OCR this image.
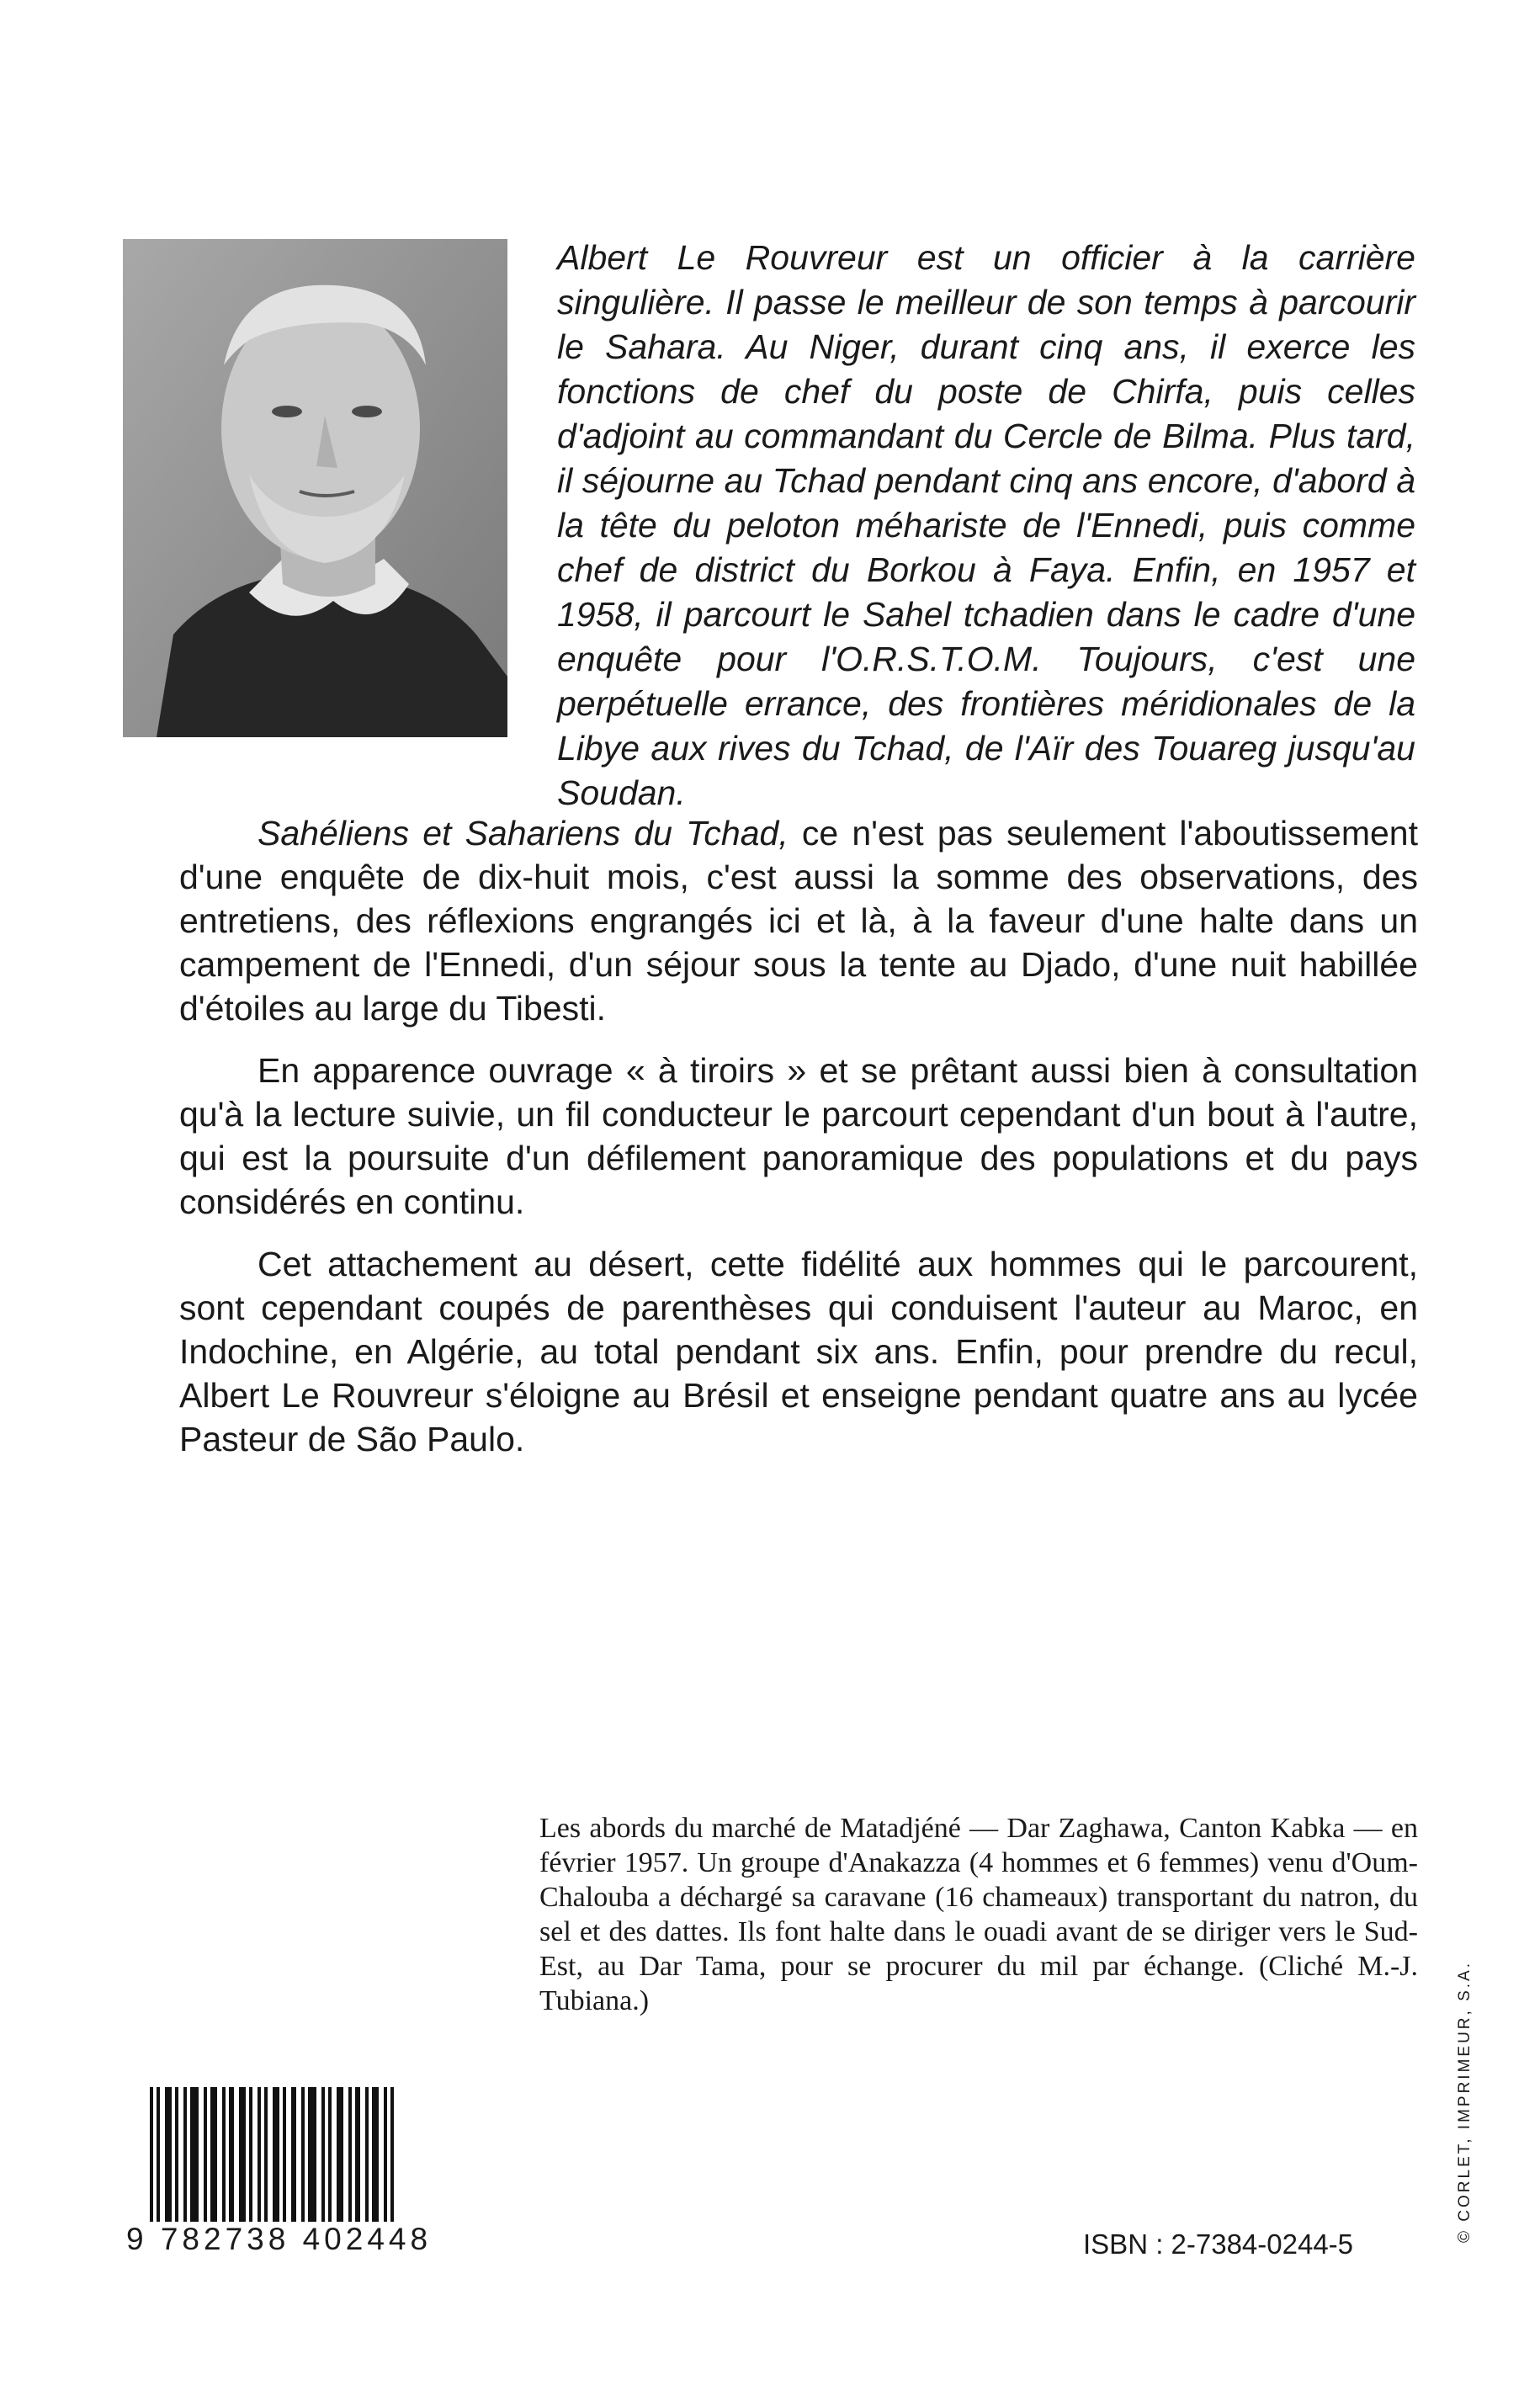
Albert Le Rouvreur est un officier à la carrière singulière. Il passe le meilleur de son temps à parcourir le Sahara. Au Niger, durant cinq ans, il exerce les fonctions de chef du poste de Chirfa, puis celles d'adjoint au commandant du Cercle de Bilma. Plus tard, il séjourne au Tchad pendant cinq ans encore, d'abord à la tête du peloton méhariste de l'Ennedi, puis comme chef de district du Borkou à Faya. Enfin, en 1957 et 1958, il parcourt le Sahel tchadien dans le cadre d'une enquête pour l'O.R.S.T.O.M. Toujours, c'est une perpétuelle errance, des frontières méridionales de la Libye aux rives du Tchad, de l'Aïr des Touareg jusqu'au Soudan.

Sahéliens et Sahariens du Tchad, ce n'est pas seulement l'aboutissement d'une enquête de dix-huit mois, c'est aussi la somme des observations, des entretiens, des réflexions engrangés ici et là, à la faveur d'une halte dans un campement de l'Ennedi, d'un séjour sous la tente au Djado, d'une nuit habillée d'étoiles au large du Tibesti.

En apparence ouvrage « à tiroirs » et se prêtant aussi bien à consultation qu'à la lecture suivie, un fil conducteur le parcourt cependant d'un bout à l'autre, qui est la poursuite d'un défilement panoramique des populations et du pays considérés en continu.

Cet attachement au désert, cette fidélité aux hommes qui le parcourent, sont cependant coupés de parenthèses qui conduisent l'auteur au Maroc, en Indochine, en Algérie, au total pendant six ans. Enfin, pour prendre du recul, Albert Le Rouvreur s'éloigne au Brésil et enseigne pendant quatre ans au lycée Pasteur de São Paulo.

Les abords du marché de Matadjéné — Dar Zaghawa, Canton Kabka — en février 1957. Un groupe d'Anakazza (4 hommes et 6 femmes) venu d'Oum-Chalouba a déchargé sa caravane (16 chameaux) transportant du natron, du sel et des dattes. Ils font halte dans le ouadi avant de se diriger vers le Sud-Est, au Dar Tama, pour se procurer du mil par échange. (Cliché M.-J. Tubiana.)

9 782738 402448	ISBN : 2-7384-0244-5
© CORLET, IMPRIMEUR, S.A.
